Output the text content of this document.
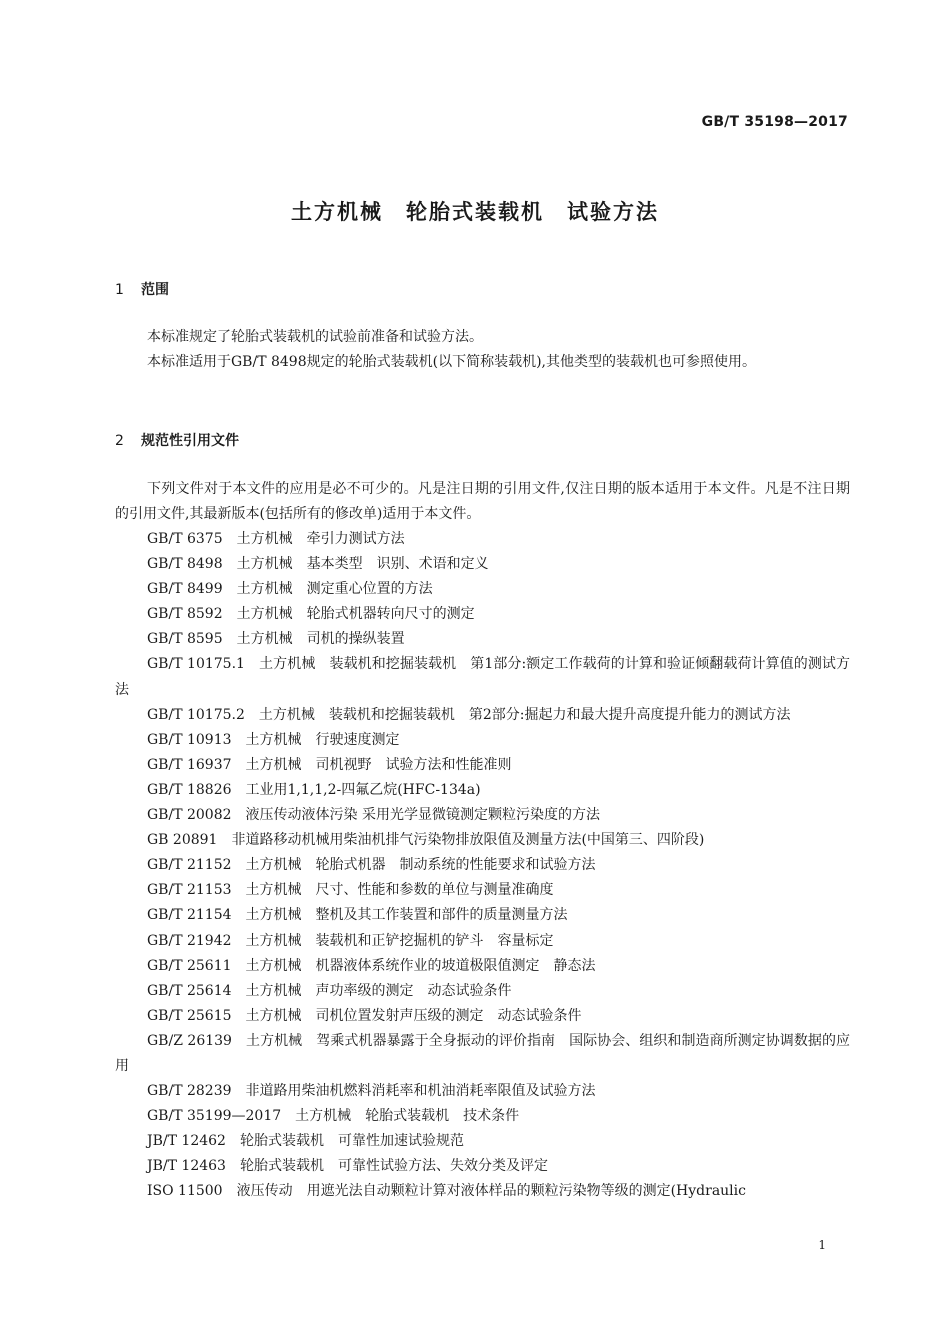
GB/T 35198—2017
土方机械　轮胎式装载机　试验方法
1 范围
本标准规定了轮胎式装载机的试验前准备和试验方法。
本标准适用于GB/T 8498规定的轮胎式装载机(以下简称装载机),其他类型的装载机也可参照使用。
2 规范性引用文件
下列文件对于本文件的应用是必不可少的。凡是注日期的引用文件,仅注日期的版本适用于本文件。凡是不注日期的引用文件,其最新版本(包括所有的修改单)适用于本文件。
GB/T 6375　土方机械　牵引力测试方法
GB/T 8498　土方机械　基本类型　识别、术语和定义
GB/T 8499　土方机械　测定重心位置的方法
GB/T 8592　土方机械　轮胎式机器转向尺寸的测定
GB/T 8595　土方机械　司机的操纵装置
GB/T 10175.1　土方机械　装载机和挖掘装载机　第1部分:额定工作载荷的计算和验证倾翻载荷计算值的测试方法
GB/T 10175.2　土方机械　装载机和挖掘装载机　第2部分:掘起力和最大提升高度提升能力的测试方法
GB/T 10913　土方机械　行驶速度测定
GB/T 16937　土方机械　司机视野　试验方法和性能准则
GB/T 18826　工业用1,1,1,2-四氟乙烷(HFC-134a)
GB/T 20082　液压传动液体污染 采用光学显微镜测定颗粒污染度的方法
GB 20891　非道路移动机械用柴油机排气污染物排放限值及测量方法(中国第三、四阶段)
GB/T 21152　土方机械　轮胎式机器　制动系统的性能要求和试验方法
GB/T 21153　土方机械　尺寸、性能和参数的单位与测量准确度
GB/T 21154　土方机械　整机及其工作装置和部件的质量测量方法
GB/T 21942　土方机械　装载机和正铲挖掘机的铲斗　容量标定
GB/T 25611　土方机械　机器液体系统作业的坡道极限值测定　静态法
GB/T 25614　土方机械　声功率级的测定　动态试验条件
GB/T 25615　土方机械　司机位置发射声压级的测定　动态试验条件
GB/Z 26139　土方机械　驾乘式机器暴露于全身振动的评价指南　国际协会、组织和制造商所测定协调数据的应用
GB/T 28239　非道路用柴油机燃料消耗率和机油消耗率限值及试验方法
GB/T 35199—2017　土方机械　轮胎式装载机　技术条件
JB/T 12462　轮胎式装载机　可靠性加速试验规范
JB/T 12463　轮胎式装载机　可靠性试验方法、失效分类及评定
ISO 11500　液压传动　用遮光法自动颗粒计算对液体样品的颗粒污染物等级的测定(Hydraulic
1
